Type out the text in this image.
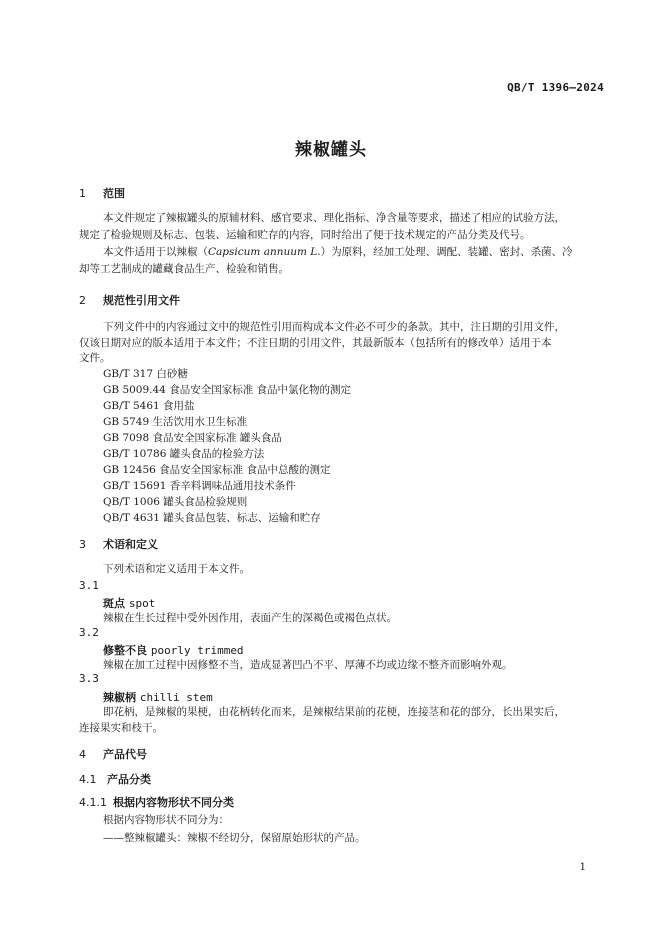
QB/T 1396—2024
辣椒罐头
1 范围
本文件规定了辣椒罐头的原辅材料、感官要求、理化指标、净含量等要求，描述了相应的试验方法，
规定了检验规则及标志、包装、运输和贮存的内容，同时给出了便于技术规定的产品分类及代号。
本文件适用于以辣椒（Capsicum annuum L.）为原料，经加工处理、调配、装罐、密封、杀菌、冷
却等工艺制成的罐藏食品生产、检验和销售。
2 规范性引用文件
下列文件中的内容通过文中的规范性引用而构成本文件必不可少的条款。其中，注日期的引用文件，
仅该日期对应的版本适用于本文件；不注日期的引用文件，其最新版本（包括所有的修改单）适用于本
文件。
GB/T 317 白砂糖
GB 5009.44 食品安全国家标准 食品中氯化物的测定
GB/T 5461 食用盐
GB 5749 生活饮用水卫生标准
GB 7098 食品安全国家标准 罐头食品
GB/T 10786 罐头食品的检验方法
GB 12456 食品安全国家标准 食品中总酸的测定
GB/T 15691 香辛料调味品通用技术条件
QB/T 1006 罐头食品检验规则
QB/T 4631 罐头食品包装、标志、运输和贮存
3 术语和定义
下列术语和定义适用于本文件。
3.1
斑点 spot
辣椒在生长过程中受外因作用，表面产生的深褐色或褐色点状。
3.2
修整不良 poorly trimmed
辣椒在加工过程中因修整不当，造成显著凹凸不平、厚薄不均或边缘不整齐而影响外观。
3.3
辣椒柄 chilli stem
即花柄，是辣椒的果梗，由花柄转化而来，是辣椒结果前的花梗，连接茎和花的部分，长出果实后，
连接果实和枝干。
4 产品代号
4.1 产品分类
4.1.1 根据内容物形状不同分类
根据内容物形状不同分为：
——整辣椒罐头：辣椒不经切分，保留原始形状的产品。
1
